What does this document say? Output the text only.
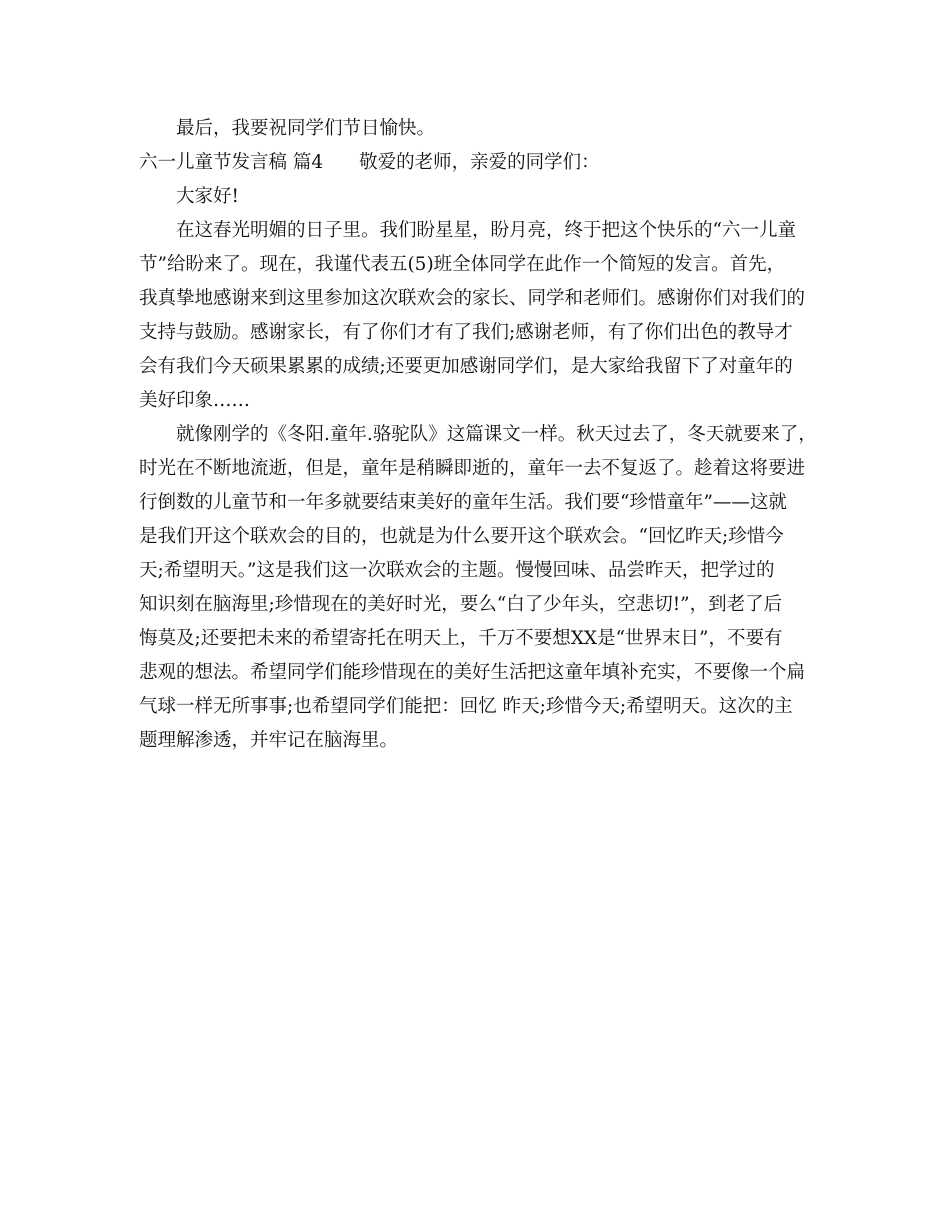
最后，我要祝同学们节日愉快。
六一儿童节发言稿 篇4 敬爱的老师，亲爱的同学们：
大家好!
在这春光明媚的日子里。我们盼星星，盼月亮，终于把这个快乐的“六一儿童
节”给盼来了。现在，我谨代表五(5)班全体同学在此作一个简短的发言。首先，
我真挚地感谢来到这里参加这次联欢会的家长、同学和老师们。感谢你们对我们的
支持与鼓励。感谢家长，有了你们才有了我们;感谢老师，有了你们出色的教导才
会有我们今天硕果累累的成绩;还要更加感谢同学们，是大家给我留下了对童年的
美好印象……
就像刚学的《冬阳.童年.骆驼队》这篇课文一样。秋天过去了，冬天就要来了，
时光在不断地流逝，但是，童年是稍瞬即逝的，童年一去不复返了。趁着这将要进
行倒数的儿童节和一年多就要结束美好的童年生活。我们要“珍惜童年”——这就
是我们开这个联欢会的目的，也就是为什么要开这个联欢会。“回忆昨天;珍惜今
天;希望明天。”这是我们这一次联欢会的主题。慢慢回味、品尝昨天，把学过的
知识刻在脑海里;珍惜现在的美好时光，要么“白了少年头，空悲切!”，到老了后
悔莫及;还要把未来的希望寄托在明天上，千万不要想XX是“世界末日”，不要有
悲观的想法。希望同学们能珍惜现在的美好生活把这童年填补充实，不要像一个扁
气球一样无所事事;也希望同学们能把：回忆 昨天;珍惜今天;希望明天。这次的主
题理解渗透，并牢记在脑海里。
